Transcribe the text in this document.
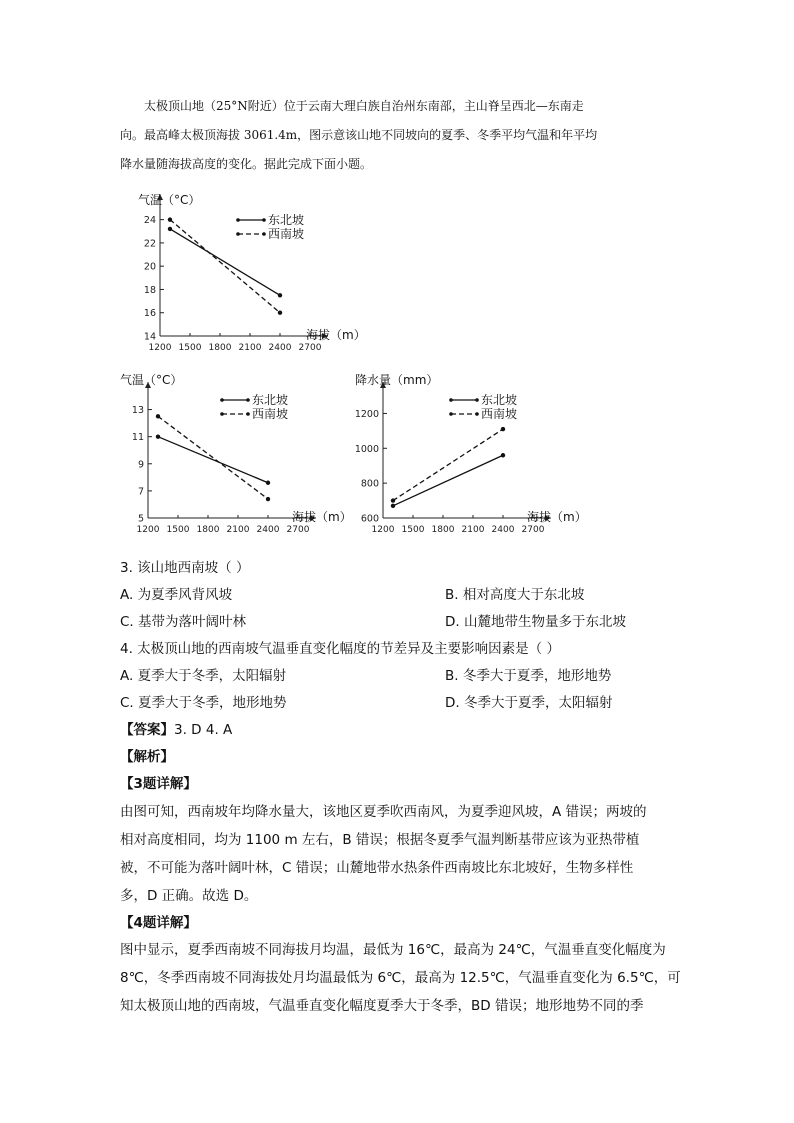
太极顶山地（25°N附近）位于云南大理白族自治州东南部，主山脊呈西北—东南走
向。最高峰太极顶海拔 3061.4m，图示意该山地不同坡向的夏季、冬季平均气温和年平均
降水量随海拔高度的变化。据此完成下面小题。
14
16
18
20
22
24
1200 1500 1800 2100 2400 2700
气温（°C）
海拔（m）
东北坡
西南坡
5
7
9
11
13
1200 1500 1800 2100 2400 2700
气温（°C）
海拔（m）
东北坡
西南坡
600
800
1000
1200
1200 1500 1800 2100 2400 2700
降水量（mm）
海拔（m）
东北坡
西南坡
3. 该山地西南坡（ ）
A. 为夏季风背风坡	B. 相对高度大于东北坡
C. 基带为落叶阔叶林	D. 山麓地带生物量多于东北坡
4. 太极顶山地的西南坡气温垂直变化幅度的节差异及主要影响因素是（ ）
A. 夏季大于冬季，太阳辐射	B. 冬季大于夏季，地形地势
C. 夏季大于冬季，地形地势	D. 冬季大于夏季，太阳辐射
【答案】3. D 4. A
【解析】
【3题详解】
由图可知，西南坡年均降水量大，该地区夏季吹西南风，为夏季迎风坡，A 错误；两坡的
相对高度相同，均为 1100 m 左右，B 错误；根据冬夏季气温判断基带应该为亚热带植
被，不可能为落叶阔叶林，C 错误；山麓地带水热条件西南坡比东北坡好，生物多样性
多，D 正确。故选 D。
【4题详解】
图中显示，夏季西南坡不同海拔月均温，最低为 16℃，最高为 24℃，气温垂直变化幅度为
8℃，冬季西南坡不同海拔处月均温最低为 6℃，最高为 12.5℃，气温垂直变化为 6.5℃，可
知太极顶山地的西南坡，气温垂直变化幅度夏季大于冬季，BD 错误；地形地势不同的季
